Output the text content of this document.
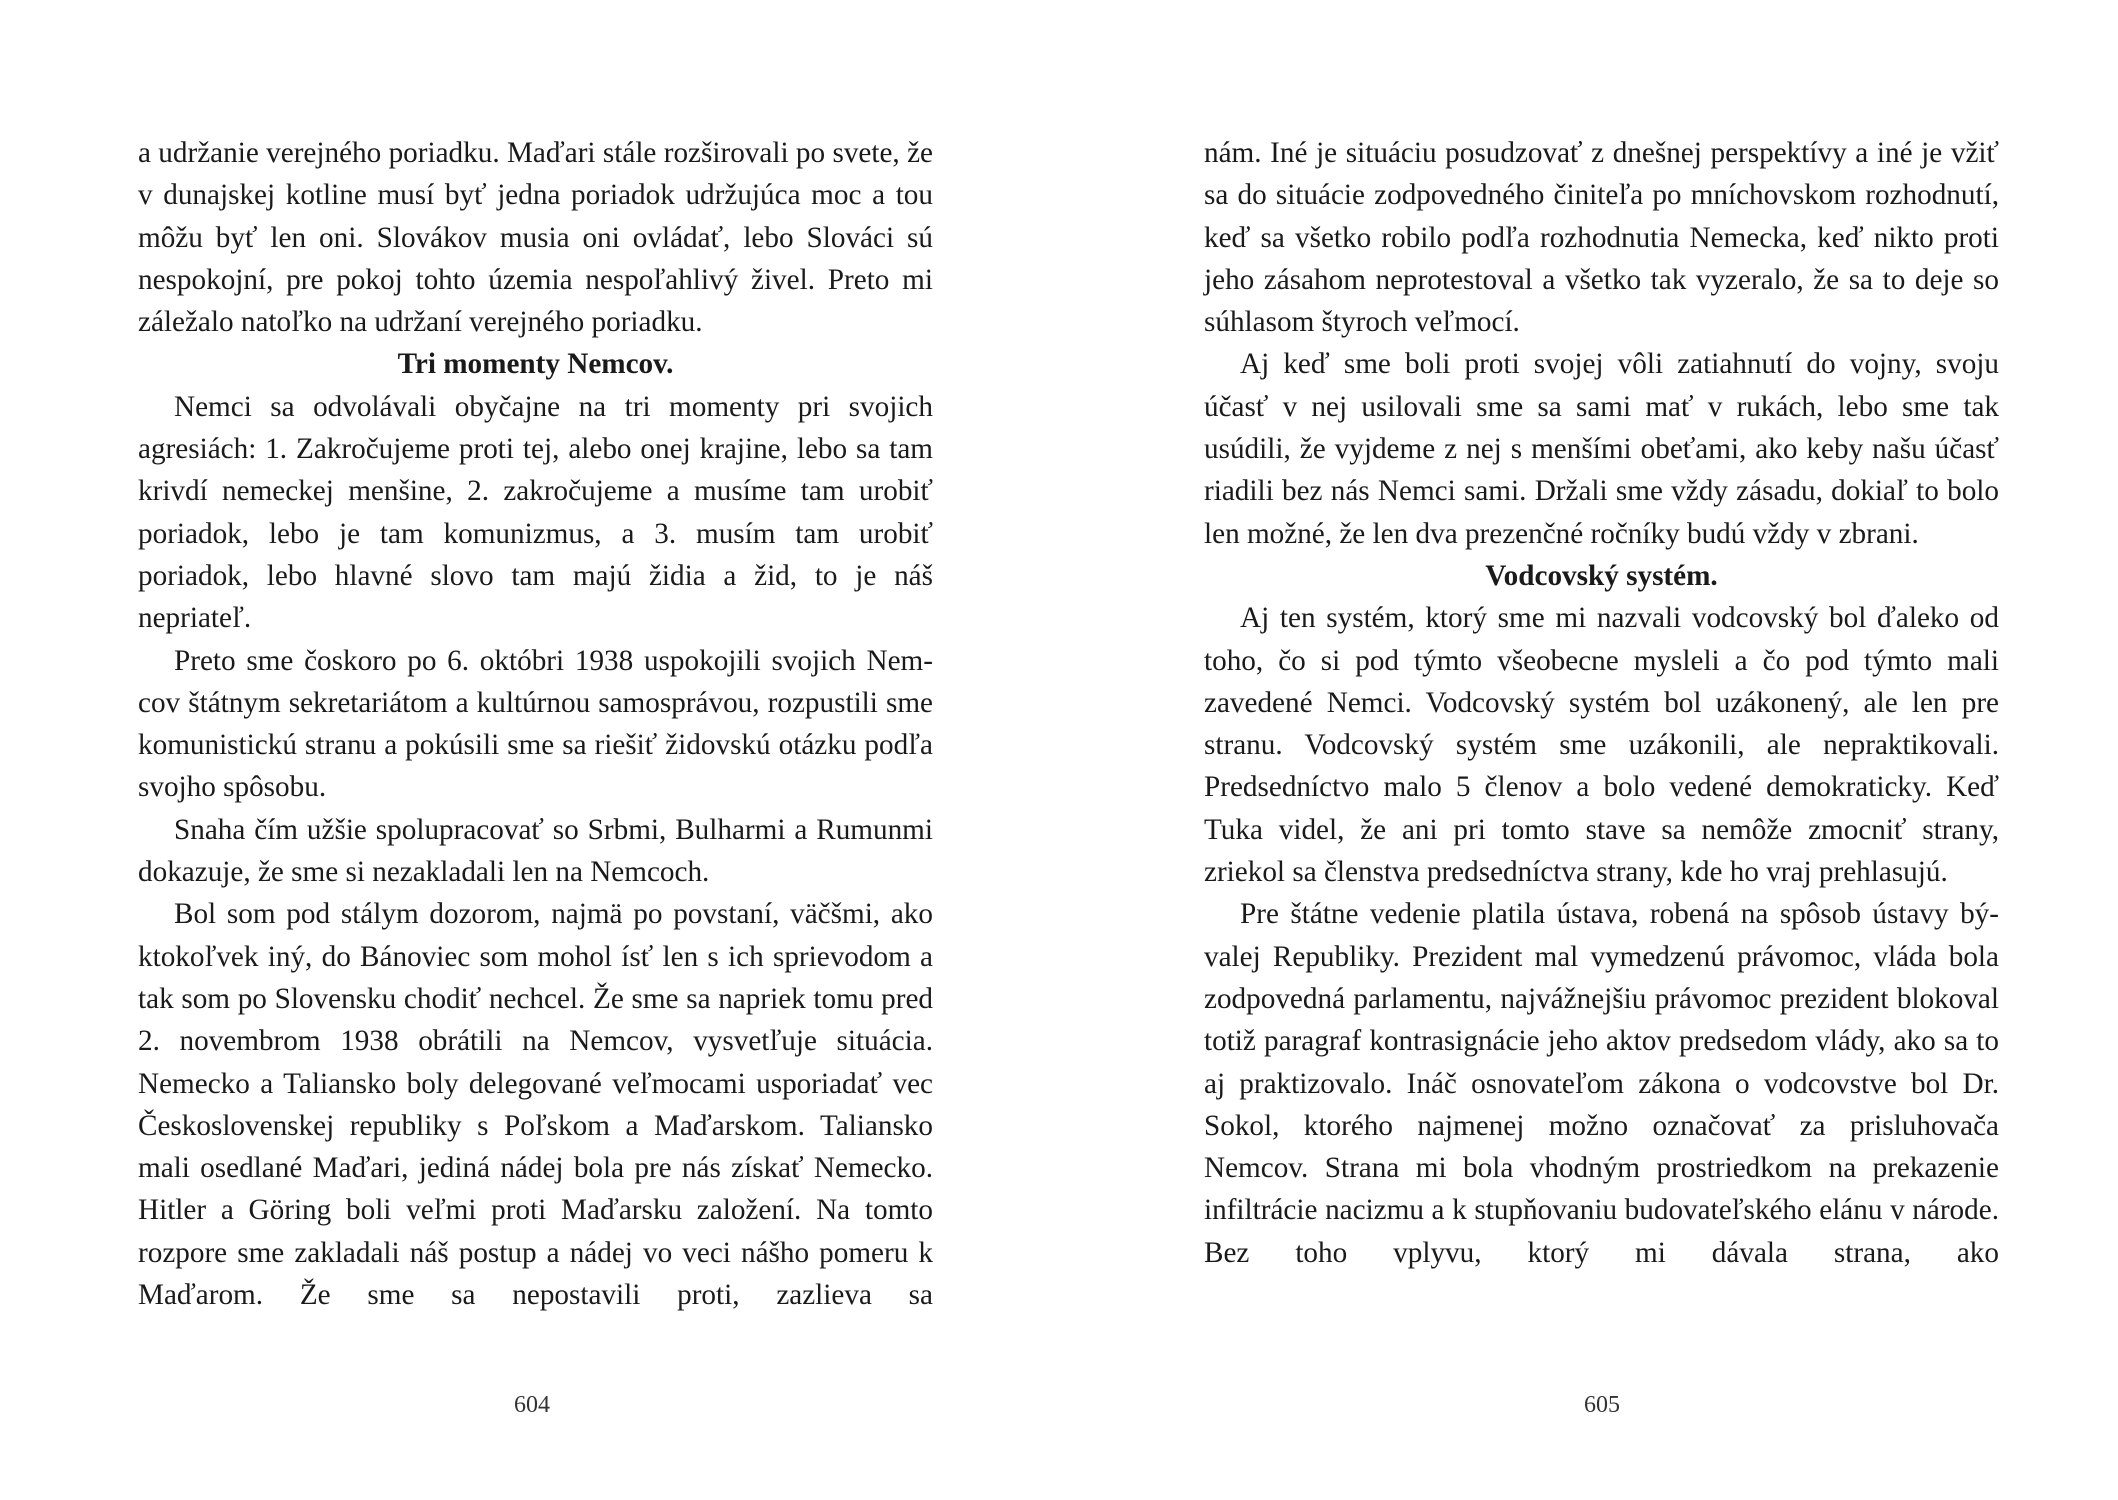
a udržanie verejného poriadku. Maďari stále rozširovali po svete, že v dunajskej kotline musí byť jedna poriadok udržujúca moc a tou môžu byť len oni. Slovákov musia oni ovládať, lebo Slováci sú nespokojní, pre pokoj tohto územia nespoľahlivý živel. Preto mi záležalo natoľko na udržaní verejného poriadku.

Tri momenty Nemcov.

Nemci sa odvolávali obyčajne na tri momenty pri svojich agresiách: 1. Zakročujeme proti tej, alebo onej krajine, lebo sa tam krivdí nemeckej menšine, 2. zakročujeme a musíme tam urobiť poriadok, lebo je tam komunizmus, a 3. musím tam urobiť poriadok, lebo hlavné slovo tam majú židia a žid, to je náš nepriateľ.

Preto sme čoskoro po 6. októbri 1938 uspokojili svojich Nemcov štátnym sekretariátom a kultúrnou samosprávou, rozpustili sme komunistickú stranu a pokúsili sme sa riešiť židovskú otázku podľa svojho spôsobu.

Snaha čím užšie spolupracovať so Srbmi, Bulharmi a Rumunmi dokazuje, že sme si nezakladali len na Nemcoch.

Bol som pod stálym dozorom, najmä po povstaní, väčšmi, ako ktokoľvek iný, do Bánoviec som mohol ísť len s ich sprievodom a tak som po Slovensku chodiť nechcel. Že sme sa napriek tomu pred 2. novembrom 1938 obrátili na Nemcov, vysvetľuje situácia. Nemecko a Taliansko boly delegované veľmocami usporiadať vec Československej republiky s Poľskom a Maďarskom. Taliansko mali osedlané Maďari, jediná nádej bola pre nás získať Nemecko. Hitler a Göring boli veľmi proti Maďarsku založení. Na tomto rozpore sme zakladali náš postup a nádej vo veci nášho pomeru k Maďarom. Že sme sa nepostavili proti, zazlieva sa

nám. Iné je situáciu posudzovať z dnešnej perspektívy a iné je vžiť sa do situácie zodpovedného činiteľa po mníchovskom rozhodnutí, keď sa všetko robilo podľa rozhodnutia Nemecka, keď nikto proti jeho zásahom neprotestoval a všetko tak vyzeralo, že sa to deje so súhlasom štyroch veľmocí.

Aj keď sme boli proti svojej vôli zatiahnutí do vojny, svoju účasť v nej usilovali sme sa sami mať v rukách, lebo sme tak usúdili, že vyjdeme z nej s menšími obeťami, ako keby našu účasť riadili bez nás Nemci sami. Držali sme vždy zásadu, dokiaľ to bolo len možné, že len dva prezenčné ročníky budú vždy v zbrani.

Vodcovský systém.

Aj ten systém, ktorý sme mi nazvali vodcovský bol ďaleko od toho, čo si pod týmto všeobecne mysleli a čo pod týmto mali zavedené Nemci. Vodcovský systém bol uzákonený, ale len pre stranu. Vodcovský systém sme uzákonili, ale nepraktikovali. Predsedníctvo malo 5 členov a bolo vedené demokraticky. Keď Tuka videl, že ani pri tomto stave sa nemôže zmocniť strany, zriekol sa členstva predsedníctva strany, kde ho vraj prehlasujú.

Pre štátne vedenie platila ústava, robená na spôsob ústavy bývalej Republiky. Prezident mal vymedzenú právomoc, vláda bola zodpovedná parlamentu, najvážnejšiu právomoc prezident blokoval totiž paragraf kontrasignácie jeho aktov predsedom vlády, ako sa to aj praktizovalo. Ináč osnovateľom zákona o vodcovstve bol Dr. Sokol, ktorého najmenej možno označovať za prisluhovača Nemcov. Strana mi bola vhodným prostriedkom na prekazenie infiltrácie nacizmu a k stupňovaniu budovateľského elánu v národe. Bez toho vplyvu, ktorý mi dávala strana, ako

604	605
